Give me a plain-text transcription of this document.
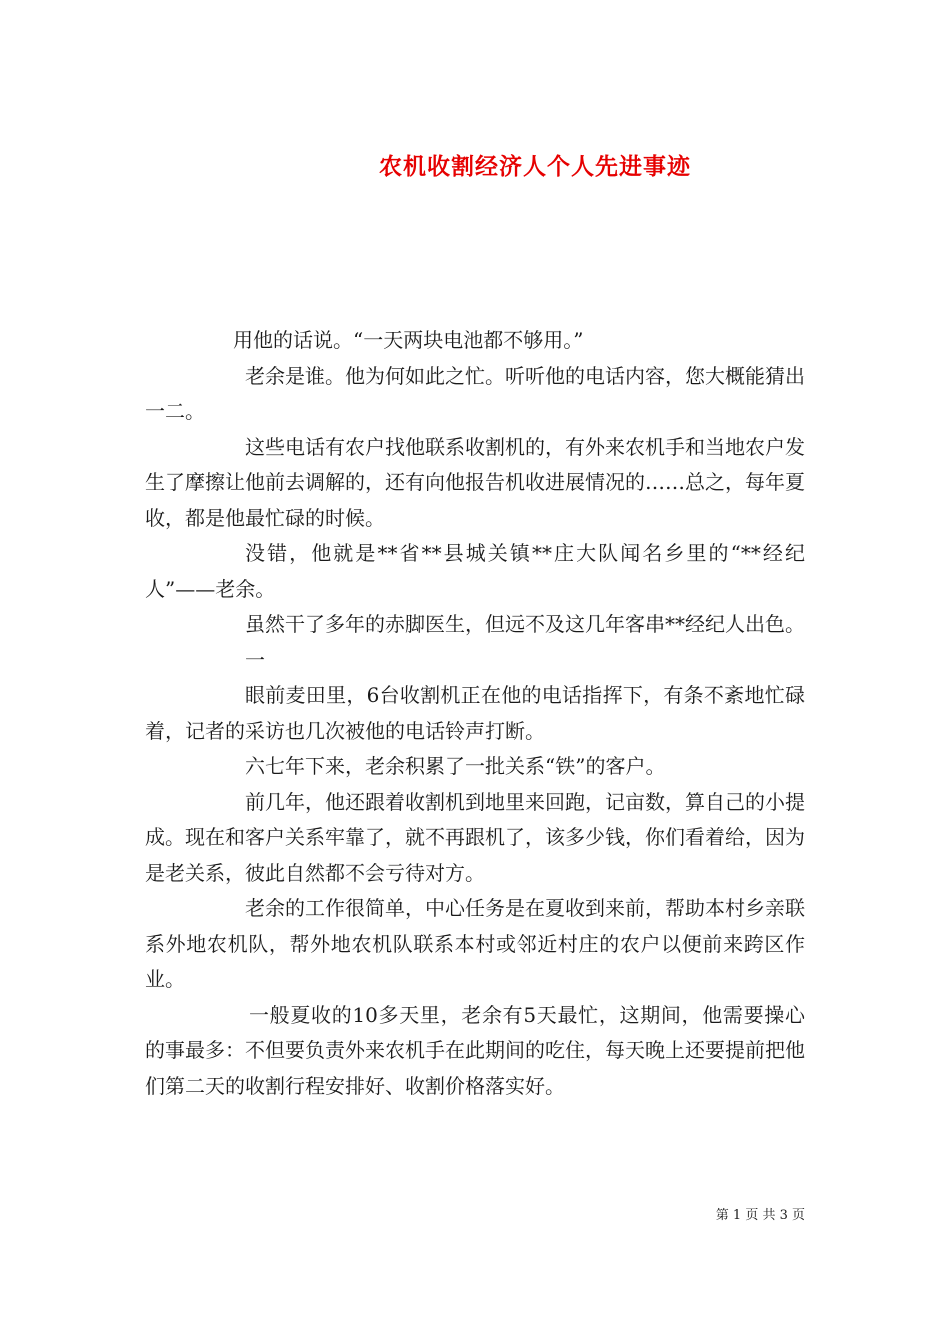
农机收割经济人个人先进事迹

用他的话说。“一天两块电池都不够用。”

老余是谁。他为何如此之忙。听听他的电话内容，您大概能猜出一二。

这些电话有农户找他联系收割机的，有外来农机手和当地农户发生了摩擦让他前去调解的，还有向他报告机收进展情况的……总之，每年夏收，都是他最忙碌的时候。

没错，他就是**省**县城关镇**庄大队闻名乡里的“**经纪人”——老余。

虽然干了多年的赤脚医生，但远不及这几年客串**经纪人出色。

一

眼前麦田里，6台收割机正在他的电话指挥下，有条不紊地忙碌着，记者的采访也几次被他的电话铃声打断。

六七年下来，老余积累了一批关系“铁”的客户。

前几年，他还跟着收割机到地里来回跑，记亩数，算自己的小提成。现在和客户关系牢靠了，就不再跟机了，该多少钱，你们看着给，因为是老关系，彼此自然都不会亏待对方。

老余的工作很简单，中心任务是在夏收到来前，帮助本村乡亲联系外地农机队，帮外地农机队联系本村或邻近村庄的农户以便前来跨区作业。

一般夏收的10多天里，老余有5天最忙，这期间，他需要操心的事最多：不但要负责外来农机手在此期间的吃住，每天晚上还要提前把他们第二天的收割行程安排好、收割价格落实好。

第 1 页 共 3 页
